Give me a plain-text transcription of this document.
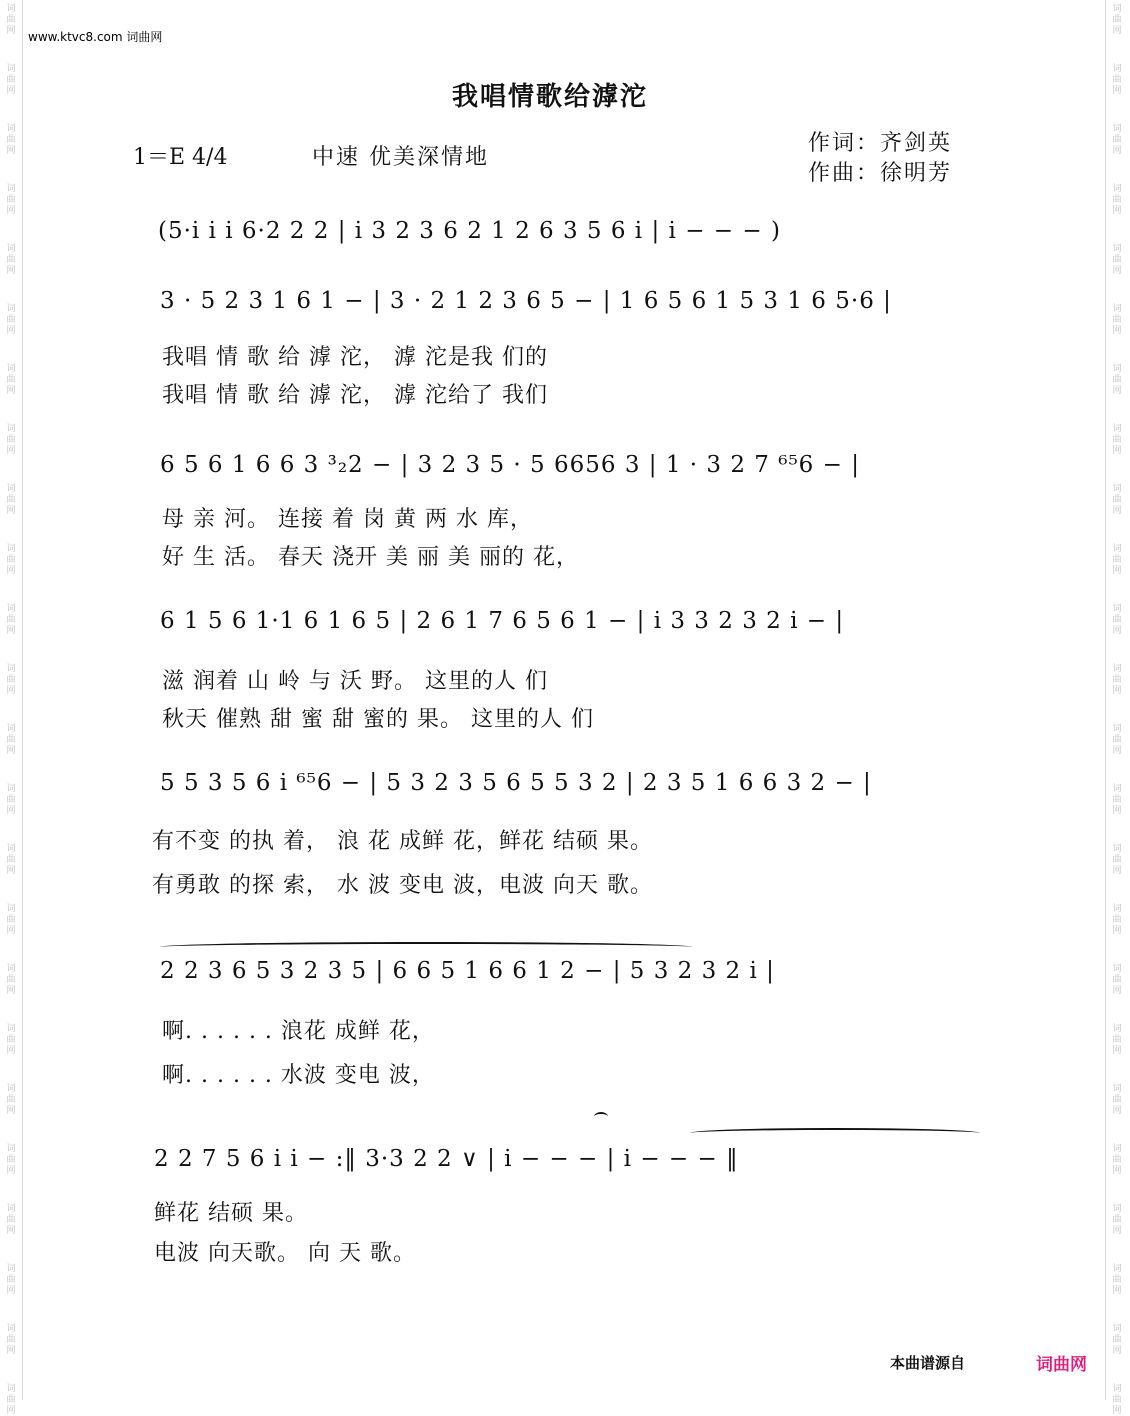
词
曲
网
词
曲
网
词
曲
网
词
曲
网
词
曲
网
词
曲
网
词
曲
网
词
曲
网
词
曲
网
词
曲
网
词
曲
网
词
曲
网
词
曲
网
词
曲
网
词
曲
网
词
曲
网
词
曲
网
词
曲
网
词
曲
网
词
曲
网
词
曲
网
词
曲
网
词
曲
网
词
曲
网
词
曲
网
词
曲
网
词
曲
网
词
曲
网
词
曲
网
词
曲
网
词
曲
网
词
曲
网
词
曲
网
词
曲
网
词
曲
网
词
曲
网
词
曲
网
词
曲
网
词
曲
网
词
曲
网
词
曲
网
词
曲
网
词
曲
网
词
曲
网
词
曲
网
词
曲
网
词
曲
网
词
曲
网
www.ktvc8.com 词曲网
我唱情歌给滹沱
1＝E 4/4	中速 优美深情地
作词：齐剑英
作曲：徐明芳
(5·i i i 6·2 2 2 | i 3 2 3 6 2 1 2 6 3 5 6 i | i − − − )
3 · 5 2 3 1 6 1 − | 3 · 2 1 2 3 6 5 − | 1 6 5 6 1 5 3 1 6 5·6 |
我唱 情 歌 给 滹 沱， 滹 沱是我 们的
我唱 情 歌 给 滹 沱， 滹 沱给了 我们
6 5 6 1 6 6 3 ³₂2 − | 3 2 3 5 · 5 6656 3 | 1 · 3 2 7 ⁶⁵6 − |
母 亲 河。 连接 着 岗 黄 两 水 库，
好 生 活。 春天 浇开 美 丽 美 丽的 花，
6 1 5 6 1·1 6 1 6 5 | 2 6 1 7 6 5 6 1 − | i 3 3 2 3 2 i − |
滋 润着 山 岭 与 沃 野。 这里的人 们
秋天 催熟 甜 蜜 甜 蜜的 果。 这里的人 们
5 5 3 5 6 i ⁶⁵6 − | 5 3 2 3 5 6 5 5 3 2 | 2 3 5 1 6 6 3 2 − |
有不变 的执 着， 浪 花 成鲜 花，鲜花 结硕 果。
有勇敢 的探 索， 水 波 变电 波，电波 向天 歌。
2 2 3 6 5 3 2 3 5 | 6 6 5 1 6 6 1 2 − | 5 3 2 3 2 i |
啊. . . . . . 浪花 成鲜 花，
啊. . . . . . 水波 变电 波，
2 2 7 5 6 i i − :‖ 3·3 2 2 ∨ | i − − − | i − − − ‖
鲜花 结硕 果。
电波 向天歌。 向 天 歌。
本曲谱源自	词曲网
